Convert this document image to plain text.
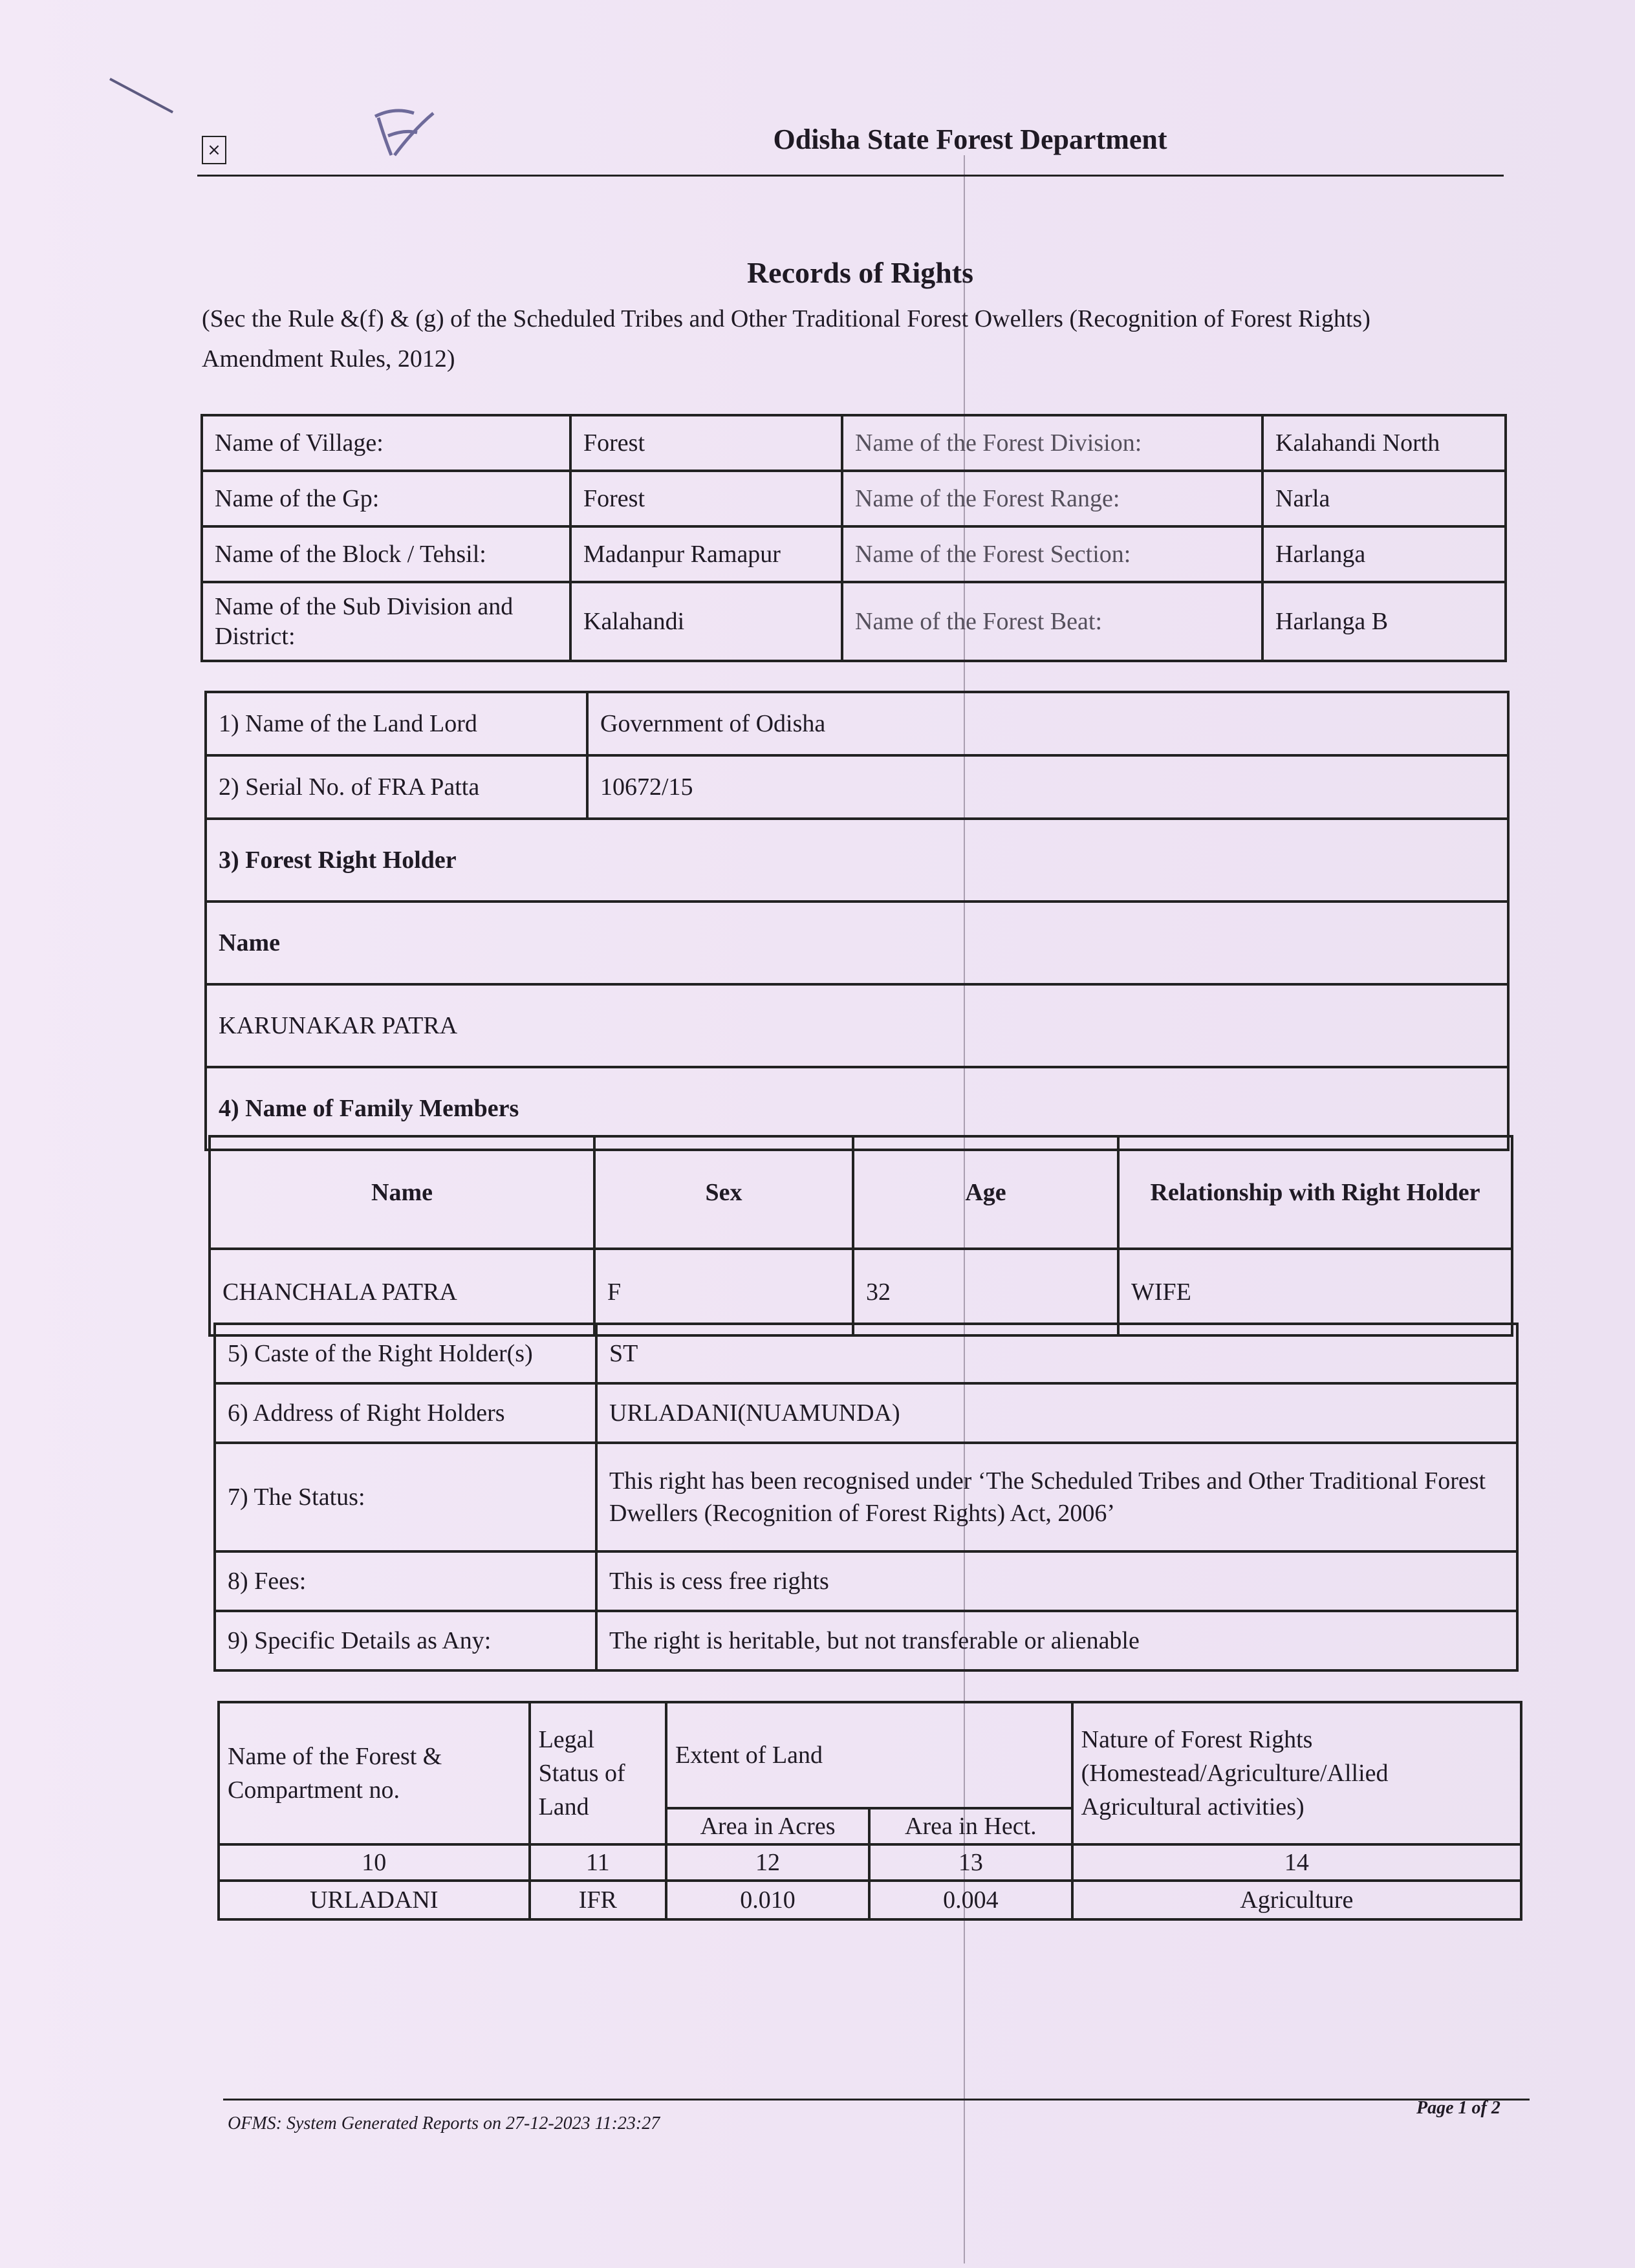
×	Odisha State Forest Department
Records of Rights
(Sec the Rule &(f) & (g) of the Scheduled Tribes and Other Traditional Forest Owellers (Recognition of Forest Rights) Amendment Rules, 2012)
Name of Village:	Forest	Name of the Forest Division:	Kalahandi North
Name of the Gp:	Forest	Name of the Forest Range:	Narla
Name of the Block / Tehsil:	Madanpur Ramapur	Name of the Forest Section:	Harlanga
Name of the Sub Division and District:	Kalahandi	Name of the Forest Beat:	Harlanga B
1) Name of the Land Lord	Government of Odisha
2) Serial No. of FRA Patta	10672/15
3) Forest Right Holder	
Name	
KARUNAKAR PATRA	
4) Name of Family Members	
Name	Sex	Age	Relationship with Right Holder
CHANCHALA PATRA	F	32	WIFE
5) Caste of the Right Holder(s)	ST
6) Address of Right Holders	URLADANI(NUAMUNDA)
7) The Status:	This right has been recognised under ‘The Scheduled Tribes and Other Traditional Forest Dwellers (Recognition of Forest Rights) Act, 2006’
8) Fees:	This is cess free rights
9) Specific Details as Any:	The right is heritable, but not transferable or alienable
Name of the Forest & Compartment no.	Legal Status of Land	Extent of Land		Nature of Forest Rights (Homestead/Agriculture/Allied Agricultural activities)
		Area in Acres	Area in Hect.	
10	11	12	13	14
URLADANI	IFR	0.010	0.004	Agriculture
OFMS: System Generated Reports on 27-12-2023 11:23:27
Page 1 of 2
